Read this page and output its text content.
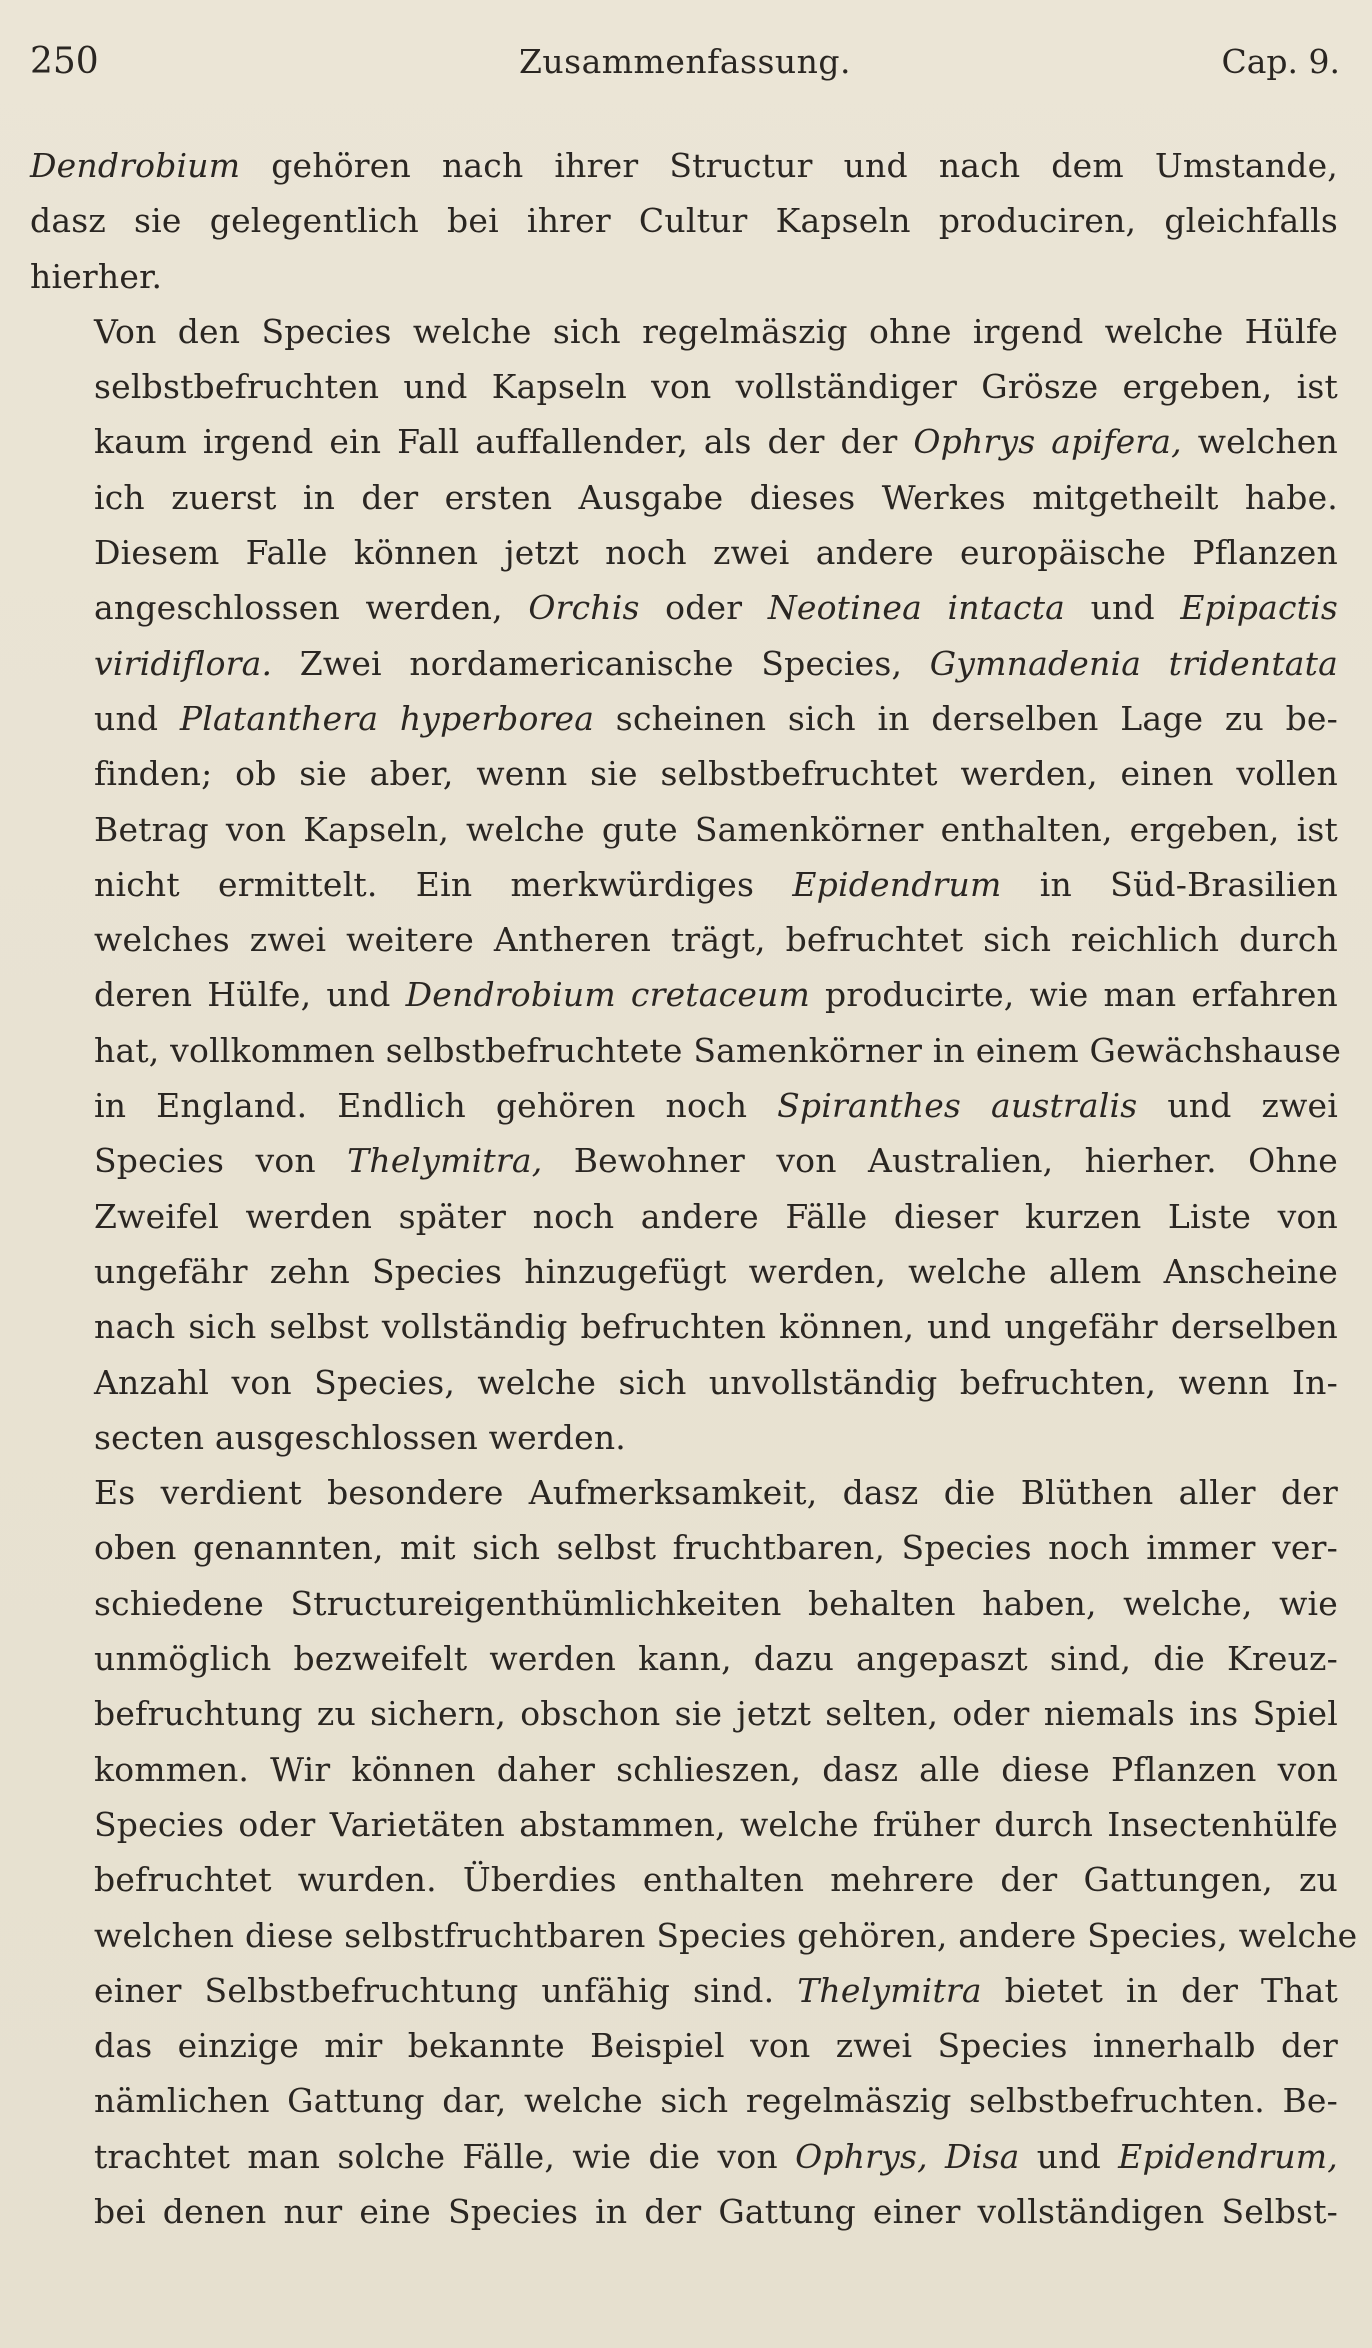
250	Zusammenfassung.	Cap. 9.

Dendrobium gehören nach ihrer Structur und nach dem Umstande,
dasz sie gelegentlich bei ihrer Cultur Kapseln produciren, gleichfalls
hierher.

Von den Species welche sich regelmäszig ohne irgend welche Hülfe
selbstbefruchten und Kapseln von vollständiger Grösze ergeben, ist
kaum irgend ein Fall auffallender, als der der Ophrys apifera, welchen
ich zuerst in der ersten Ausgabe dieses Werkes mitgetheilt habe.
Diesem Falle können jetzt noch zwei andere europäische Pflanzen
angeschlossen werden, Orchis oder Neotinea intacta und Epipactis
viridiflora. Zwei nordamericanische Species, Gymnadenia tridentata
und Platanthera hyperborea scheinen sich in derselben Lage zu be-
finden; ob sie aber, wenn sie selbstbefruchtet werden, einen vollen
Betrag von Kapseln, welche gute Samenkörner enthalten, ergeben, ist
nicht ermittelt. Ein merkwürdiges Epidendrum in Süd-Brasilien
welches zwei weitere Antheren trägt, befruchtet sich reichlich durch
deren Hülfe, und Dendrobium cretaceum producirte, wie man erfahren
hat, vollkommen selbstbefruchtete Samenkörner in einem Gewächshause
in England. Endlich gehören noch Spiranthes australis und zwei
Species von Thelymitra, Bewohner von Australien, hierher. Ohne
Zweifel werden später noch andere Fälle dieser kurzen Liste von
ungefähr zehn Species hinzugefügt werden, welche allem Anscheine
nach sich selbst vollständig befruchten können, und ungefähr derselben
Anzahl von Species, welche sich unvollständig befruchten, wenn In-
secten ausgeschlossen werden.

Es verdient besondere Aufmerksamkeit, dasz die Blüthen aller der
oben genannten, mit sich selbst fruchtbaren, Species noch immer ver-
schiedene Structureigenthümlichkeiten behalten haben, welche, wie
unmöglich bezweifelt werden kann, dazu angepaszt sind, die Kreuz-
befruchtung zu sichern, obschon sie jetzt selten, oder niemals ins Spiel
kommen. Wir können daher schlieszen, dasz alle diese Pflanzen von
Species oder Varietäten abstammen, welche früher durch Insectenhülfe
befruchtet wurden. Überdies enthalten mehrere der Gattungen, zu
welchen diese selbstfruchtbaren Species gehören, andere Species, welche
einer Selbstbefruchtung unfähig sind. Thelymitra bietet in der That
das einzige mir bekannte Beispiel von zwei Species innerhalb der
nämlichen Gattung dar, welche sich regelmäszig selbstbefruchten. Be-
trachtet man solche Fälle, wie die von Ophrys, Disa und Epidendrum,
bei denen nur eine Species in der Gattung einer vollständigen Selbst-
